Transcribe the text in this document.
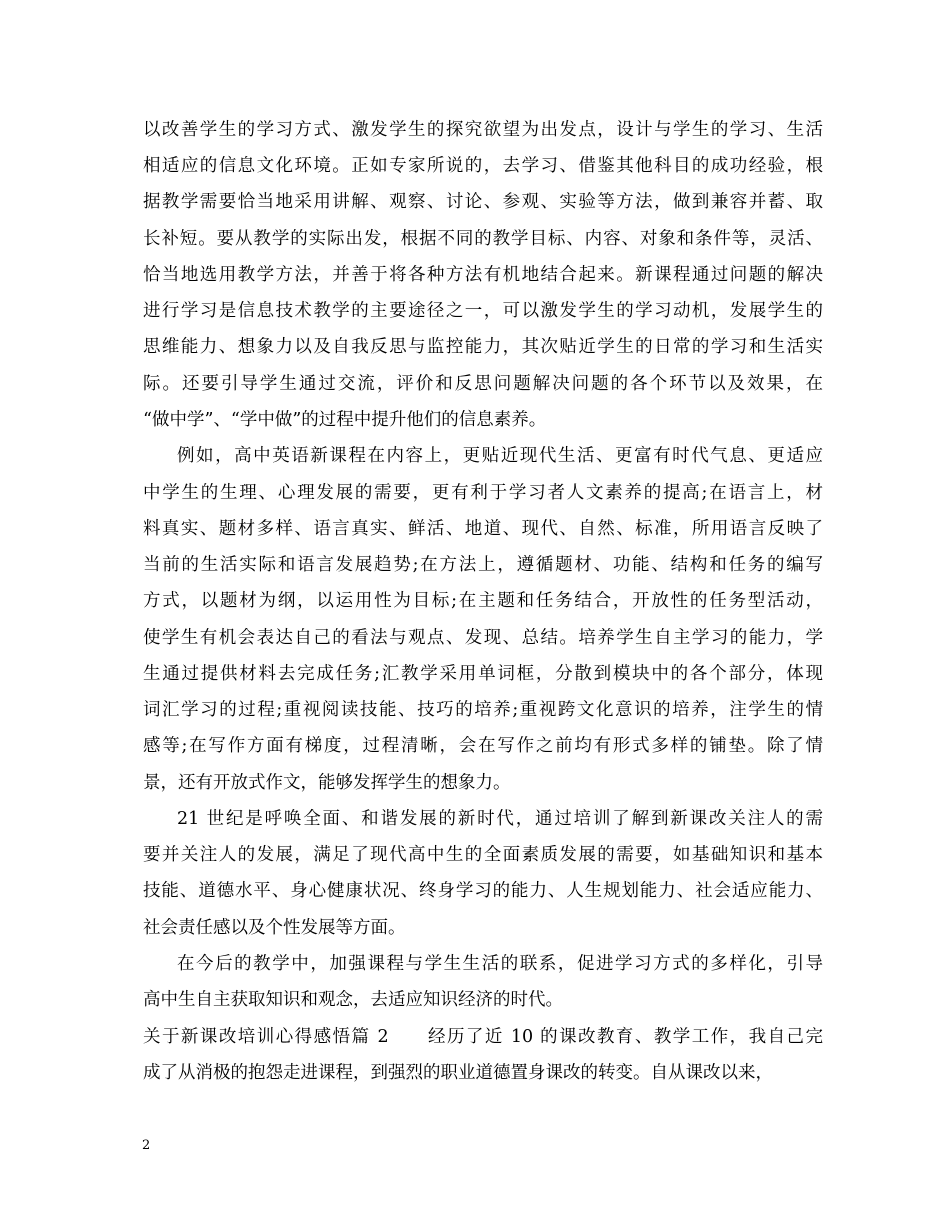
以改善学生的学习方式、激发学生的探究欲望为出发点，设计与学生的学习、生活
相适应的信息文化环境。正如专家所说的，去学习、借鉴其他科目的成功经验，根
据教学需要恰当地采用讲解、观察、讨论、参观、实验等方法，做到兼容并蓄、取
长补短。要从教学的实际出发，根据不同的教学目标、内容、对象和条件等，灵活、
恰当地选用教学方法，并善于将各种方法有机地结合起来。新课程通过问题的解决
进行学习是信息技术教学的主要途径之一，可以激发学生的学习动机，发展学生的
思维能力、想象力以及自我反思与监控能力，其次贴近学生的日常的学习和生活实
际。还要引导学生通过交流，评价和反思问题解决问题的各个环节以及效果，在
“做中学”、“学中做”的过程中提升他们的信息素养。
例如，高中英语新课程在内容上，更贴近现代生活、更富有时代气息、更适应
中学生的生理、心理发展的需要，更有利于学习者人文素养的提高;在语言上，材
料真实、题材多样、语言真实、鲜活、地道、现代、自然、标准，所用语言反映了
当前的生活实际和语言发展趋势;在方法上，遵循题材、功能、结构和任务的编写
方式，以题材为纲，以运用性为目标;在主题和任务结合，开放性的任务型活动，
使学生有机会表达自己的看法与观点、发现、总结。培养学生自主学习的能力，学
生通过提供材料去完成任务;汇教学采用单词框，分散到模块中的各个部分，体现
词汇学习的过程;重视阅读技能、技巧的培养;重视跨文化意识的培养，注学生的情
感等;在写作方面有梯度，过程清晰，会在写作之前均有形式多样的铺垫。除了情
景，还有开放式作文，能够发挥学生的想象力。
21 世纪是呼唤全面、和谐发展的新时代，通过培训了解到新课改关注人的需
要并关注人的发展，满足了现代高中生的全面素质发展的需要，如基础知识和基本
技能、道德水平、身心健康状况、终身学习的能力、人生规划能力、社会适应能力、
社会责任感以及个性发展等方面。
在今后的教学中，加强课程与学生生活的联系，促进学习方式的多样化，引导
高中生自主获取知识和观念，去适应知识经济的时代。
关于新课改培训心得感悟篇 2　　经历了近 10 的课改教育、教学工作，我自己完
成了从消极的抱怨走进课程，到强烈的职业道德置身课改的转变。自从课改以来，
2
